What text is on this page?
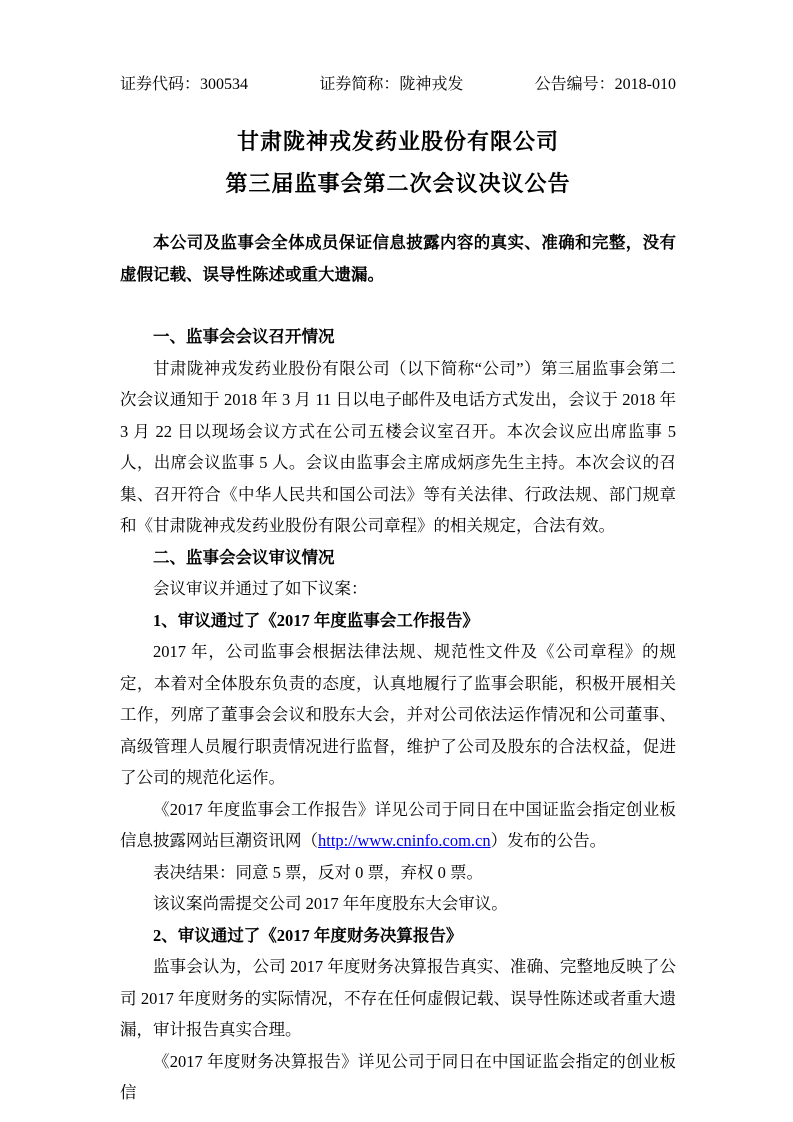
证券代码：300534	证券简称：陇神戎发	公告编号：2018-010
甘肃陇神戎发药业股份有限公司
第三届监事会第二次会议决议公告

本公司及监事会全体成员保证信息披露内容的真实、准确和完整，没有虚假记载、误导性陈述或重大遗漏。

一、监事会会议召开情况

甘肃陇神戎发药业股份有限公司（以下简称“公司”）第三届监事会第二次会议通知于 2018 年 3 月 11 日以电子邮件及电话方式发出，会议于 2018 年 3 月 22 日以现场会议方式在公司五楼会议室召开。本次会议应出席监事 5 人，出席会议监事 5 人。会议由监事会主席成炳彦先生主持。本次会议的召集、召开符合《中华人民共和国公司法》等有关法律、行政法规、部门规章和《甘肃陇神戎发药业股份有限公司章程》的相关规定，合法有效。

二、监事会会议审议情况

会议审议并通过了如下议案：

1、审议通过了《2017 年度监事会工作报告》

2017 年，公司监事会根据法律法规、规范性文件及《公司章程》的规定，本着对全体股东负责的态度，认真地履行了监事会职能，积极开展相关工作，列席了董事会会议和股东大会，并对公司依法运作情况和公司董事、高级管理人员履行职责情况进行监督，维护了公司及股东的合法权益，促进了公司的规范化运作。

《2017 年度监事会工作报告》详见公司于同日在中国证监会指定创业板信息披露网站巨潮资讯网（http://www.cninfo.com.cn）发布的公告。

表决结果：同意 5 票，反对 0 票，弃权 0 票。

该议案尚需提交公司 2017 年年度股东大会审议。

2、审议通过了《2017 年度财务决算报告》

监事会认为，公司 2017 年度财务决算报告真实、准确、完整地反映了公司 2017 年度财务的实际情况，不存在任何虚假记载、误导性陈述或者重大遗漏，审计报告真实合理。

《2017 年度财务决算报告》详见公司于同日在中国证监会指定的创业板信
